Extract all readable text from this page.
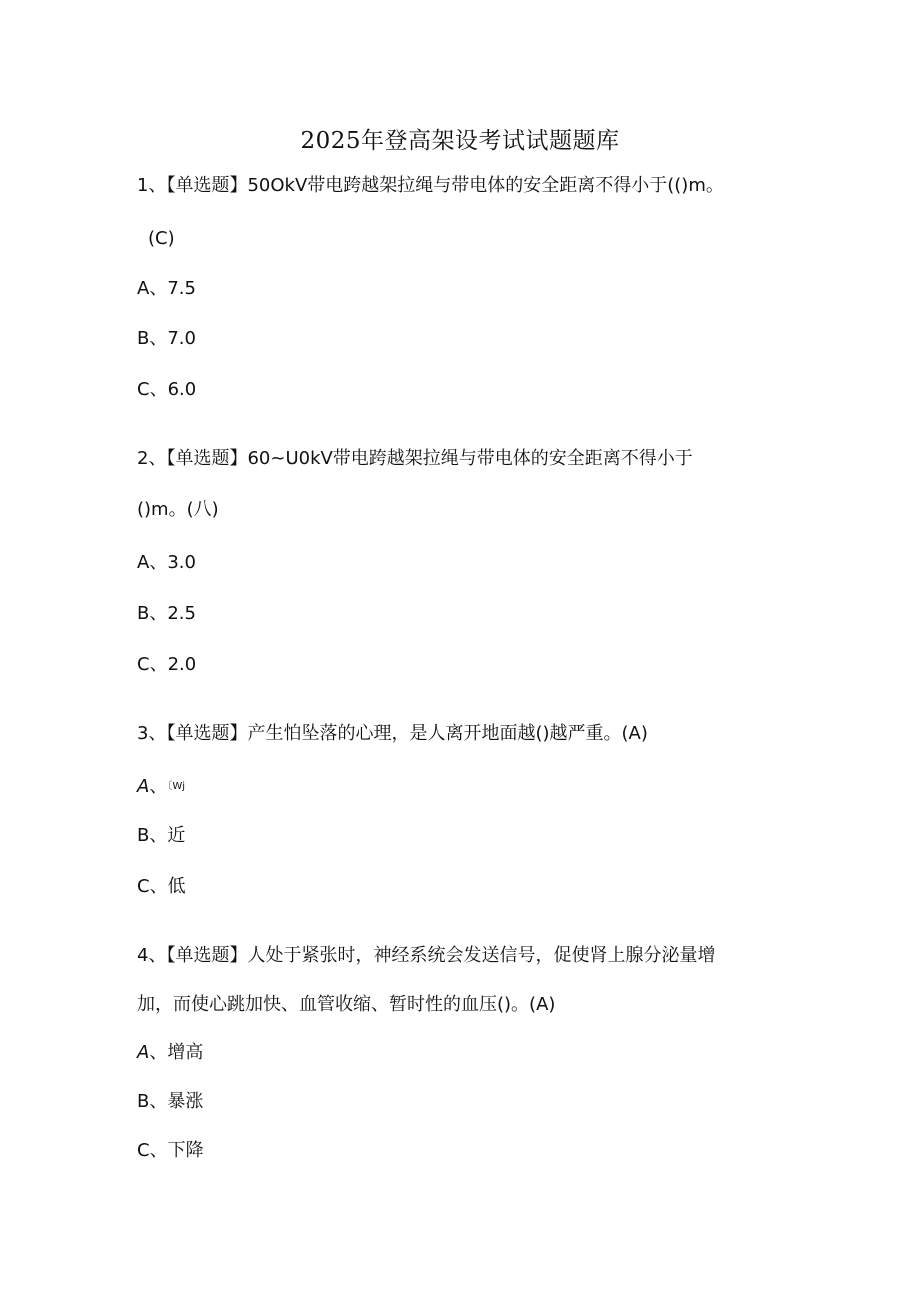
2025年登高架设考试试题题库
1、【单选题】50OkV带电跨越架拉绳与带电体的安全距离不得小于(()m。
(C)
A、7.5
B、7.0
C、6.0
2、【单选题】60~U0kV带电跨越架拉绳与带电体的安全距离不得小于
()m。(八)
A、3.0
B、2.5
C、2.0
3、【单选题】产生怕坠落的心理，是人离开地面越()越严重。(A)
A、〔Wj
B、近
C、低
4、【单选题】人处于紧张时，神经系统会发送信号，促使肾上腺分泌量增
加，而使心跳加快、血管收缩、暂时性的血压()。(A)
A、增高
B、暴涨
C、下降
